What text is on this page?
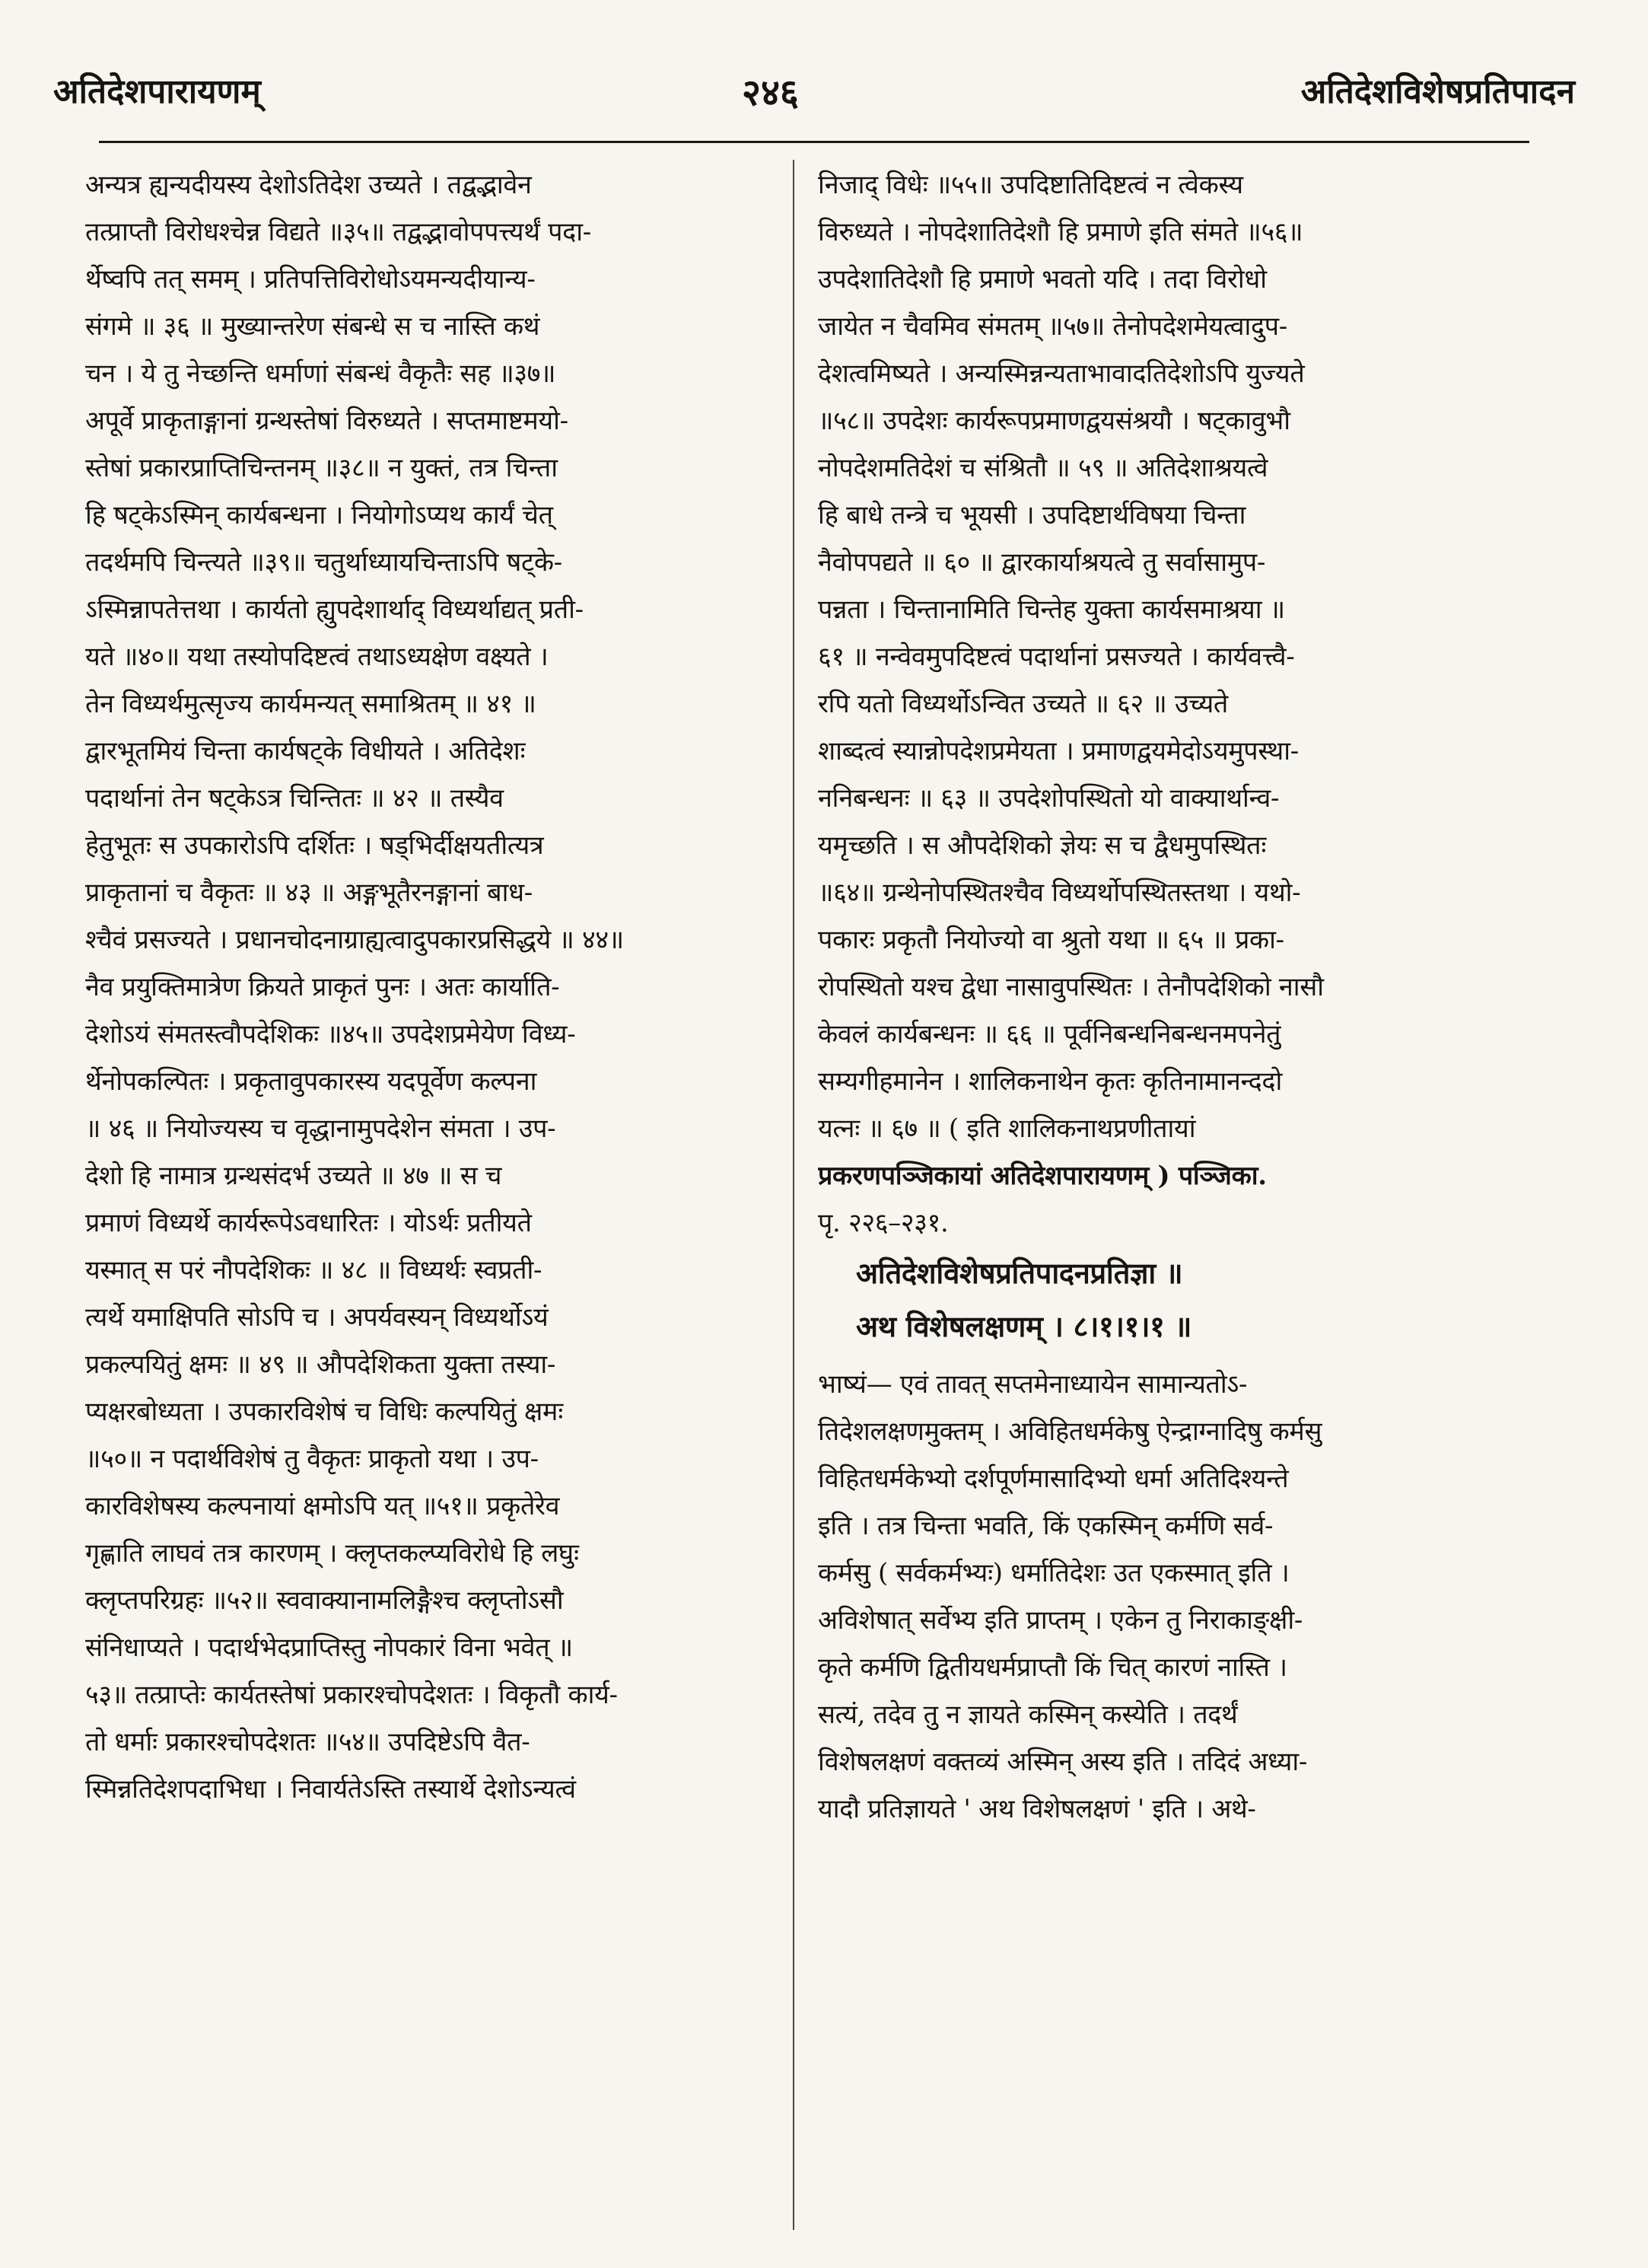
अतिदेशपारायणम्	२४६	अतिदेशविशेषप्रतिपादन

अन्यत्र ह्यन्यदीयस्य देशोऽतिदेश उच्यते । तद्वद्भावेन

तत्प्राप्तौ विरोधश्चेन्न विद्यते ॥३५॥ तद्वद्भावोपपत्त्यर्थं पदा-

र्थेष्वपि तत् समम् । प्रतिपत्तिविरोधोऽयमन्यदीयान्य-

संगमे ॥ ३६ ॥ मुख्यान्तरेण संबन्धे स च नास्ति कथं

चन । ये तु नेच्छन्ति धर्माणां संबन्धं वैकृतैः सह ॥३७॥

अपूर्वे प्राकृताङ्गानां ग्रन्थस्तेषां विरुध्यते । सप्तमाष्टमयो-

स्तेषां प्रकारप्राप्तिचिन्तनम् ॥३८॥ न युक्तं, तत्र चिन्ता

हि षट्केऽस्मिन् कार्यबन्धना । नियोगोऽप्यथ कार्यं चेत्

तदर्थमपि चिन्त्यते ॥३९॥ चतुर्थाध्यायचिन्ताऽपि षट्के-

ऽस्मिन्नापतेत्तथा । कार्यतो ह्युपदेशार्थाद् विध्यर्थाद्यत् प्रती-

यते ॥४०॥ यथा तस्योपदिष्टत्वं तथाऽध्यक्षेण वक्ष्यते ।

तेन विध्यर्थमुत्सृज्य कार्यमन्यत् समाश्रितम् ॥ ४१ ॥

द्वारभूतमियं चिन्ता कार्यषट्के विधीयते । अतिदेशः

पदार्थानां तेन षट्केऽत्र चिन्तितः ॥ ४२ ॥ तस्यैव

हेतुभूतः स उपकारोऽपि दर्शितः । षड्भिर्दीक्षयतीत्यत्र

प्राकृतानां च वैकृतः ॥ ४३ ॥ अङ्गभूतैरनङ्गानां बाध-

श्चैवं प्रसज्यते । प्रधानचोदनाग्राह्यत्वादुपकारप्रसिद्धये ॥ ४४॥

नैव प्रयुक्तिमात्रेण क्रियते प्राकृतं पुनः । अतः कार्याति-

देशोऽयं संमतस्त्वौपदेशिकः ॥४५॥ उपदेशप्रमेयेण विध्य-

र्थेनोपकल्पितः । प्रकृतावुपकारस्य यदपूर्वेण कल्पना

॥ ४६ ॥ नियोज्यस्य च वृद्धानामुपदेशेन संमता । उप-

देशो हि नामात्र ग्रन्थसंदर्भ उच्यते ॥ ४७ ॥ स च

प्रमाणं विध्यर्थे कार्यरूपेऽवधारितः । योऽर्थः प्रतीयते

यस्मात् स परं नौपदेशिकः ॥ ४८ ॥ विध्यर्थः स्वप्रती-

त्यर्थे यमाक्षिपति सोऽपि च । अपर्यवस्यन् विध्यर्थोऽयं

प्रकल्पयितुं क्षमः ॥ ४९ ॥ औपदेशिकता युक्ता तस्या-

प्यक्षरबोध्यता । उपकारविशेषं च विधिः कल्पयितुं क्षमः

॥५०॥ न पदार्थविशेषं तु वैकृतः प्राकृतो यथा । उप-

कारविशेषस्य कल्पनायां क्षमोऽपि यत् ॥५१॥ प्रकृतेरेव

गृह्णाति लाघवं तत्र कारणम् । क्लृप्तकल्प्यविरोधे हि लघुः

क्लृप्तपरिग्रहः ॥५२॥ स्ववाक्यानामलिङ्गैश्च क्लृप्तोऽसौ

संनिधाप्यते । पदार्थभेदप्राप्तिस्तु नोपकारं विना भवेत् ॥

५३॥ तत्प्राप्तेः कार्यतस्तेषां प्रकारश्चोपदेशतः । विकृतौ कार्य-

तो धर्माः प्रकारश्चोपदेशतः ॥५४॥ उपदिष्टेऽपि वैत-

स्मिन्नतिदेशपदाभिधा । निवार्यतेऽस्ति तस्यार्थे देशोऽन्यत्वं

निजाद् विधेः ॥५५॥ उपदिष्टातिदिष्टत्वं न त्वेकस्य

विरुध्यते । नोपदेशातिदेशौ हि प्रमाणे इति संमते ॥५६॥

उपदेशातिदेशौ हि प्रमाणे भवतो यदि । तदा विरोधो

जायेत न चैवमिव संमतम् ॥५७॥ तेनोपदेशमेयत्वादुप-

देशत्वमिष्यते । अन्यस्मिन्नन्यताभावादतिदेशोऽपि युज्यते

॥५८॥ उपदेशः कार्यरूपप्रमाणद्वयसंश्रयौ । षट्कावुभौ

नोपदेशमतिदेशं च संश्रितौ ॥ ५९ ॥ अतिदेशाश्रयत्वे

हि बाधे तन्त्रे च भूयसी । उपदिष्टार्थविषया चिन्ता

नैवोपपद्यते ॥ ६० ॥ द्वारकार्याश्रयत्वे तु सर्वासामुप-

पन्नता । चिन्तानामिति चिन्तेह युक्ता कार्यसमाश्रया ॥

६१ ॥ नन्वेवमुपदिष्टत्वं पदार्थानां प्रसज्यते । कार्यवत्त्वै-

रपि यतो विध्यर्थोऽन्वित उच्यते ॥ ६२ ॥ उच्यते

शाब्दत्वं स्यान्नोपदेशप्रमेयता । प्रमाणद्वयमेदोऽयमुपस्था-

ननिबन्धनः ॥ ६३ ॥ उपदेशोपस्थितो यो वाक्यार्थान्व-

यमृच्छति । स औपदेशिको ज्ञेयः स च द्वैधमुपस्थितः

॥६४॥ ग्रन्थेनोपस्थितश्चैव विध्यर्थोपस्थितस्तथा । यथो-

पकारः प्रकृतौ नियोज्यो वा श्रुतो यथा ॥ ६५ ॥ प्रका-

रोपस्थितो यश्च द्वेधा नासावुपस्थितः । तेनौपदेशिको नासौ

केवलं कार्यबन्धनः ॥ ६६ ॥ पूर्वनिबन्धनिबन्धनमपनेतुं

सम्यगीहमानेन । शालिकनाथेन कृतः कृतिनामानन्ददो

यत्नः ॥ ६७ ॥ ( इति शालिकनाथप्रणीतायां

प्रकरणपञ्जिकायां अतिदेशपारायणम् ) पञ्जिका.

पृ. २२६–२३१.

अतिदेशविशेषप्रतिपादनप्रतिज्ञा ॥

अथ विशेषलक्षणम् । ८।१।१।१ ॥

भाष्यं— एवं तावत् सप्तमेनाध्यायेन सामान्यतोऽ-

तिदेशलक्षणमुक्तम् । अविहितधर्मकेषु ऐन्द्राग्नादिषु कर्मसु

विहितधर्मकेभ्यो दर्शपूर्णमासादिभ्यो धर्मा अतिदिश्यन्ते

इति । तत्र चिन्ता भवति, किं एकस्मिन् कर्मणि सर्व-

कर्मसु ( सर्वकर्मभ्यः) धर्मातिदेशः उत एकस्मात् इति ।

अविशेषात् सर्वेभ्य इति प्राप्तम् । एकेन तु निराकाङ्क्षी-

कृते कर्मणि द्वितीयधर्मप्राप्तौ किं चित् कारणं नास्ति ।

सत्यं, तदेव तु न ज्ञायते कस्मिन् कस्येति । तदर्थं

विशेषलक्षणं वक्तव्यं अस्मिन् अस्य इति । तदिदं अध्या-

यादौ प्रतिज्ञायते ' अथ विशेषलक्षणं ' इति । अथे-
